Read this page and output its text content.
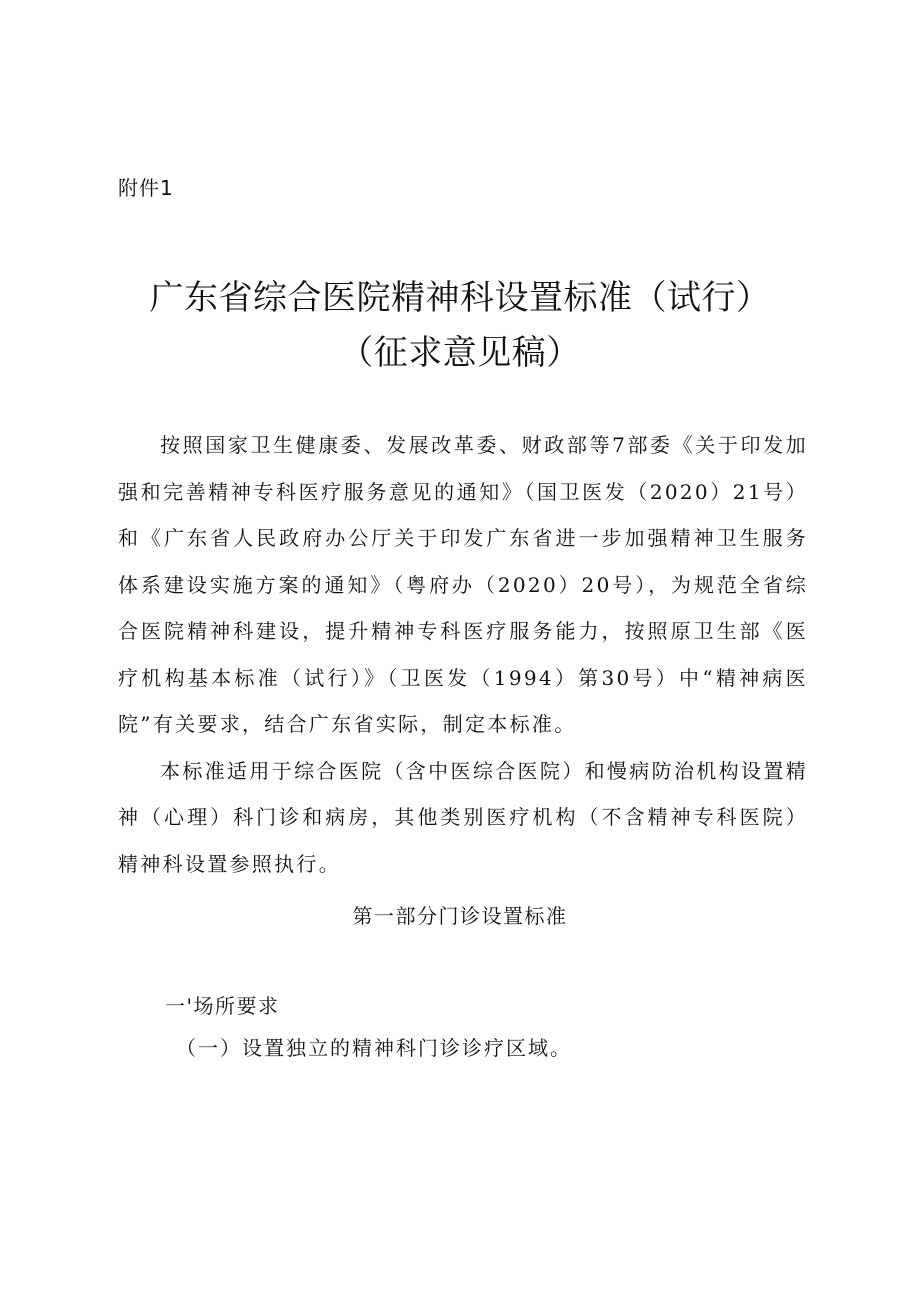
附件1
广东省综合医院精神科设置标准（试行）
（征求意见稿）

按照国家卫生健康委、发展改革委、财政部等7部委《关于印发加强和完善精神专科医疗服务意见的通知》（国卫医发（2020）21号）和《广东省人民政府办公厅关于印发广东省进一步加强精神卫生服务体系建设实施方案的通知》（粤府办（2020）20号），为规范全省综合医院精神科建设，提升精神专科医疗服务能力，按照原卫生部《医疗机构基本标准（试行）》（卫医发（1994）第30号）中“精神病医院”有关要求，结合广东省实际，制定本标准。

本标准适用于综合医院（含中医综合医院）和慢病防治机构设置精神（心理）科门诊和病房，其他类别医疗机构（不含精神专科医院）精神科设置参照执行。

第一部分门诊设置标准
一'场所要求
（一）设置独立的精神科门诊诊疗区域。
